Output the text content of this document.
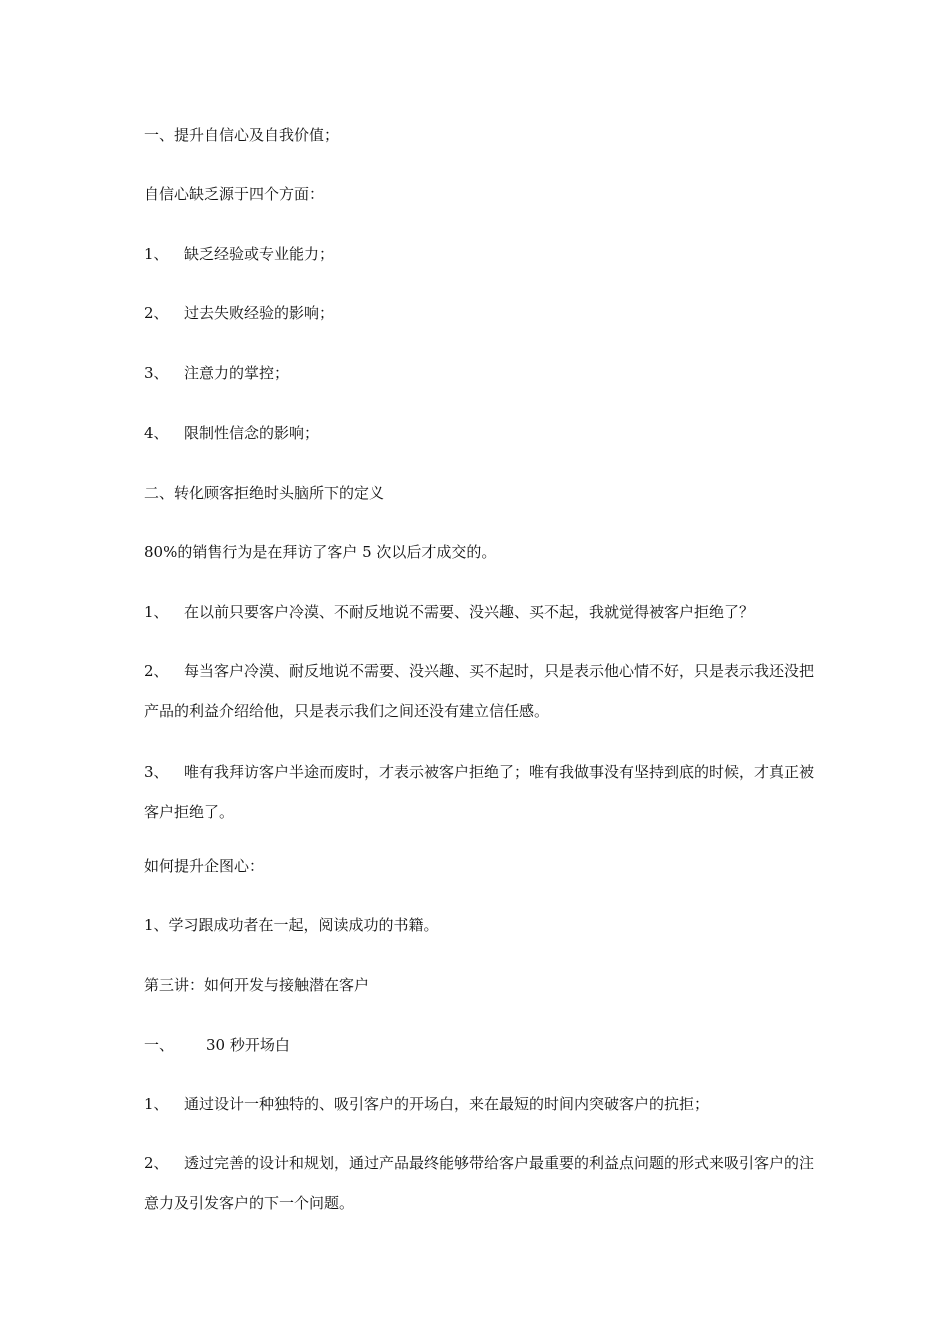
一、提升自信心及自我价值；

自信心缺乏源于四个方面：

1、 缺乏经验或专业能力；

2、 过去失败经验的影响；

3、 注意力的掌控；

4、 限制性信念的影响；

二、转化顾客拒绝时头脑所下的定义

80%的销售行为是在拜访了客户 5 次以后才成交的。

1、 在以前只要客户冷漠、不耐反地说不需要、没兴趣、买不起，我就觉得被客户拒绝了？

2、 每当客户冷漠、耐反地说不需要、没兴趣、买不起时，只是表示他心情不好，只是表示我还没把产品的利益介绍给他，只是表示我们之间还没有建立信任感。

3、 唯有我拜访客户半途而废时，才表示被客户拒绝了；唯有我做事没有坚持到底的时候，才真正被客户拒绝了。

如何提升企图心：

1、学习跟成功者在一起，阅读成功的书籍。

第三讲：如何开发与接触潜在客户

一、 30 秒开场白

1、 通过设计一种独特的、吸引客户的开场白，来在最短的时间内突破客户的抗拒；

2、 透过完善的设计和规划，通过产品最终能够带给客户最重要的利益点问题的形式来吸引客户的注意力及引发客户的下一个问题。
